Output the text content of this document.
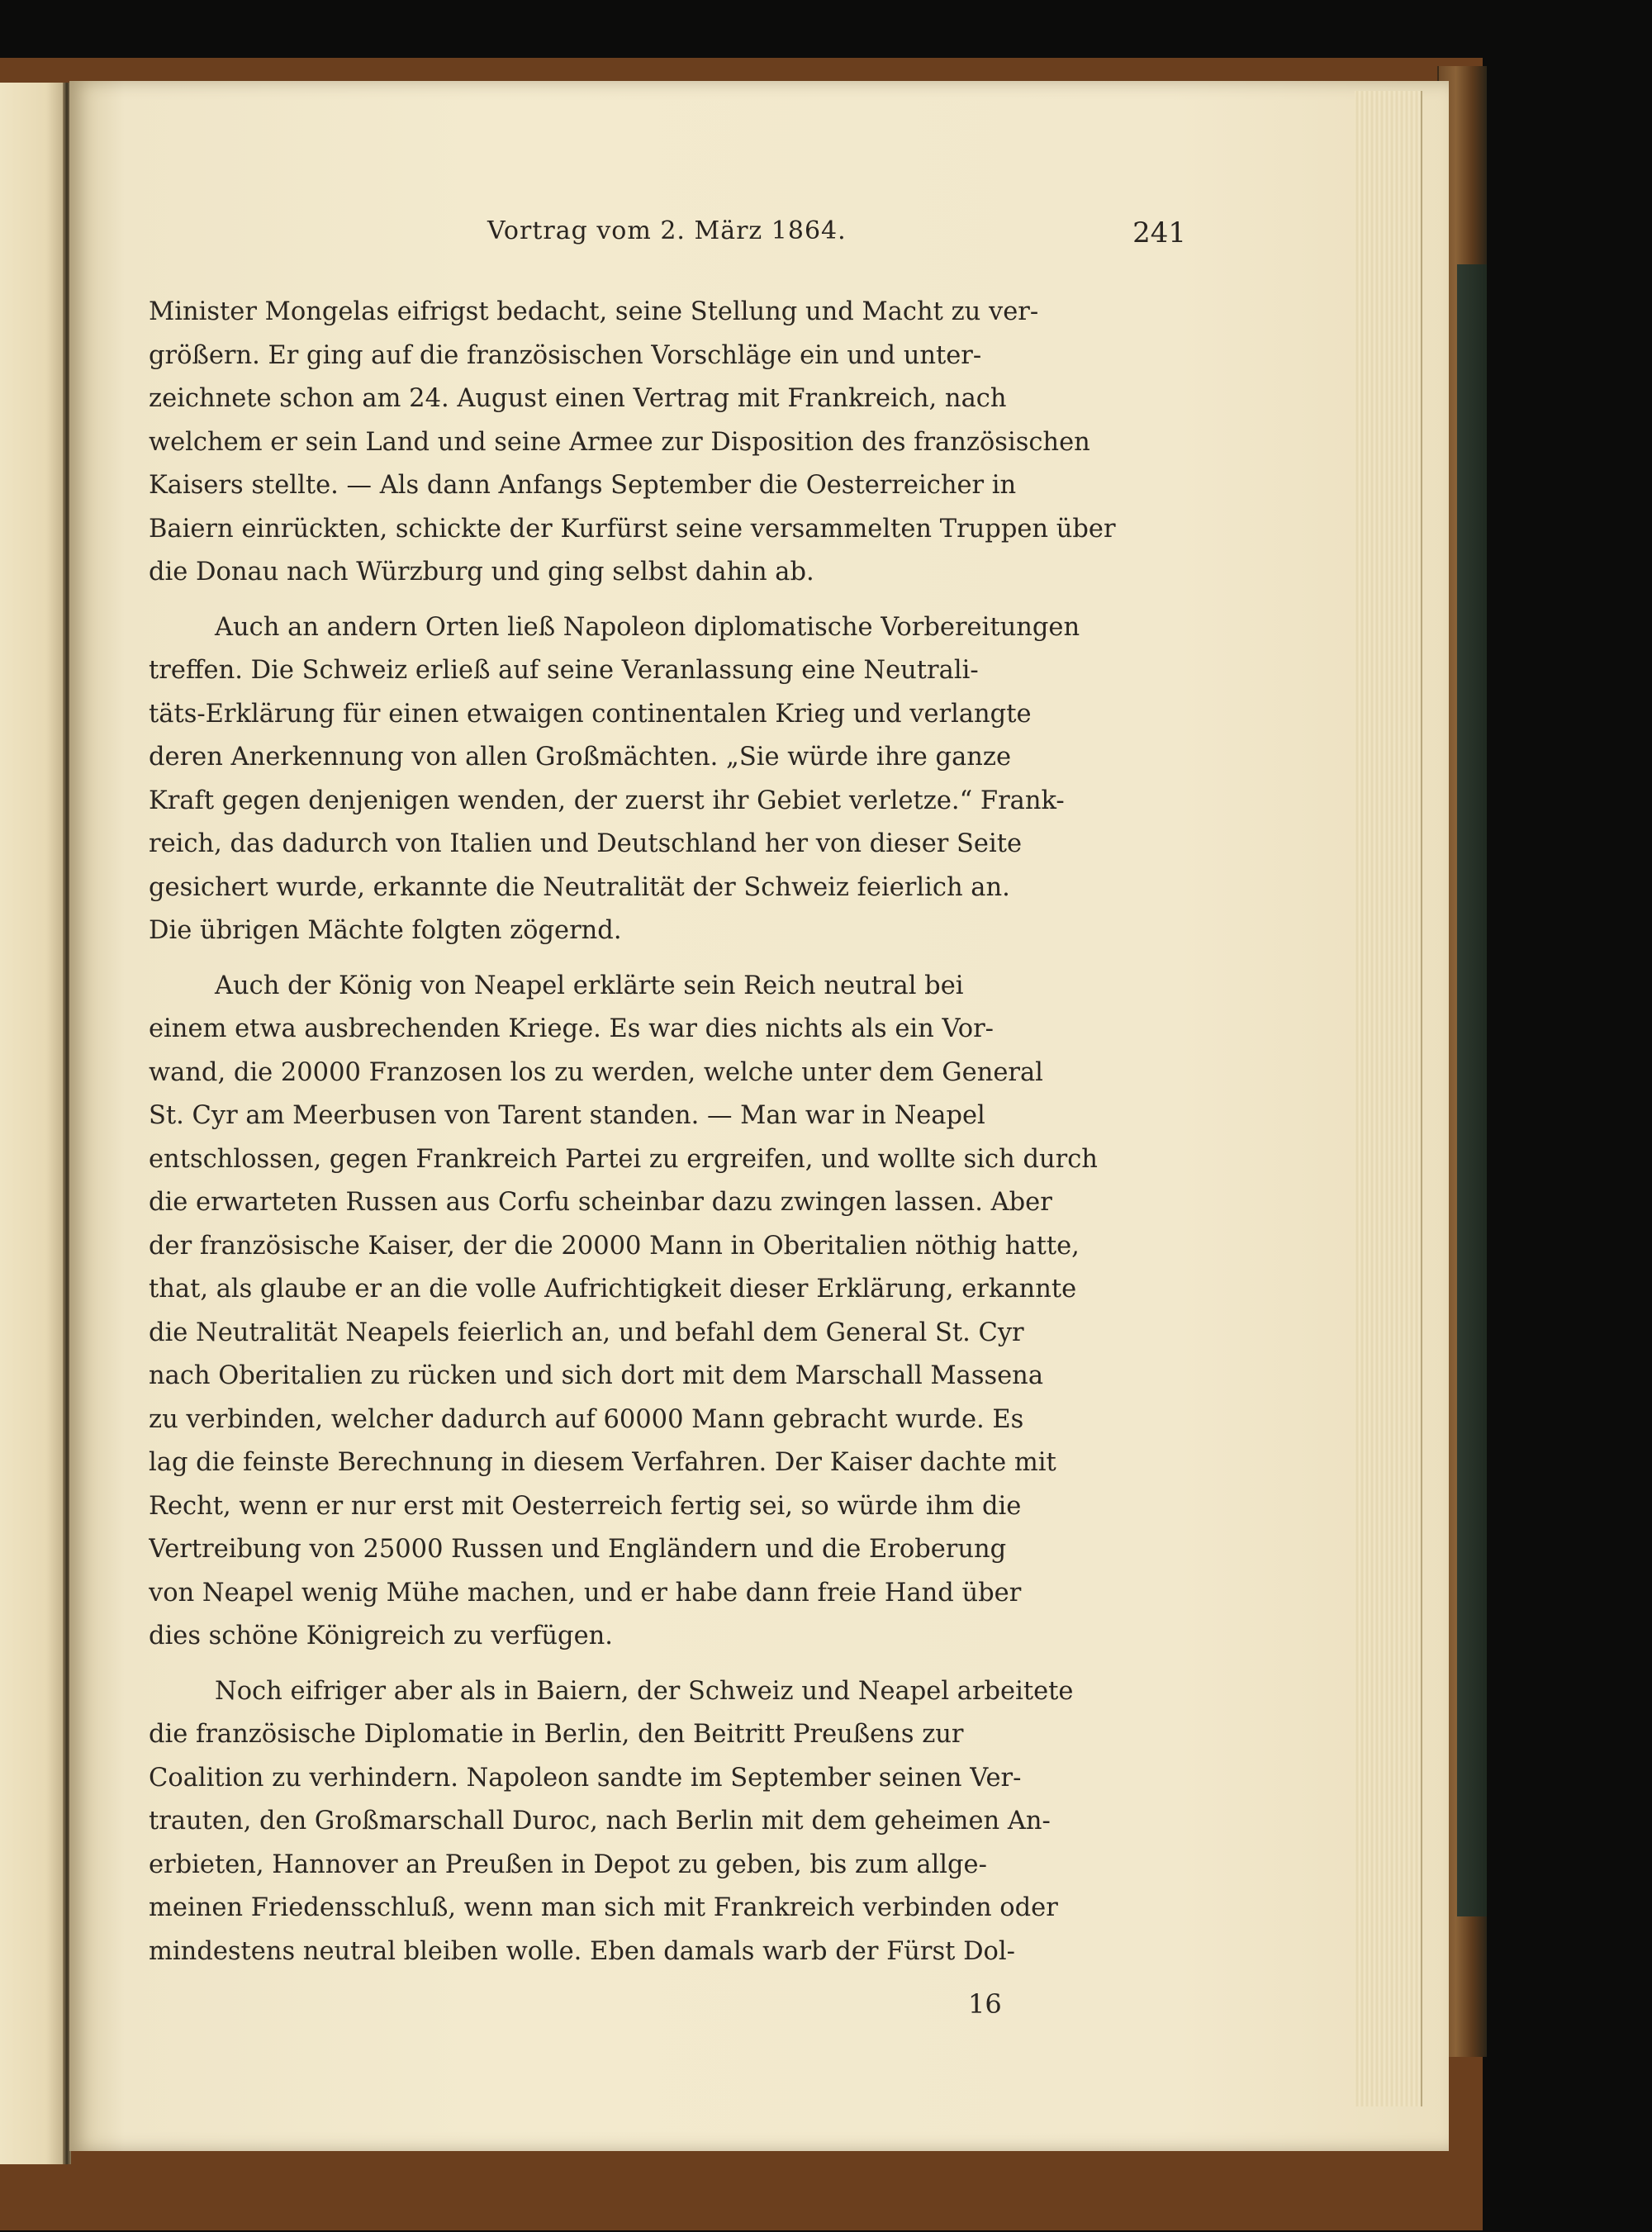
Vortrag vom 2. März 1864.	241
Minister Mongelas eifrigst bedacht, seine Stellung und Macht zu ver-
größern. Er ging auf die französischen Vorschläge ein und unter-
zeichnete schon am 24. August einen Vertrag mit Frankreich, nach
welchem er sein Land und seine Armee zur Disposition des französischen
Kaisers stellte. — Als dann Anfangs September die Oesterreicher in
Baiern einrückten, schickte der Kurfürst seine versammelten Truppen über
die Donau nach Würzburg und ging selbst dahin ab.
Auch an andern Orten ließ Napoleon diplomatische Vorbereitungen
treffen. Die Schweiz erließ auf seine Veranlassung eine Neutrali-
täts-Erklärung für einen etwaigen continentalen Krieg und verlangte
deren Anerkennung von allen Großmächten. „Sie würde ihre ganze
Kraft gegen denjenigen wenden, der zuerst ihr Gebiet verletze.“ Frank-
reich, das dadurch von Italien und Deutschland her von dieser Seite
gesichert wurde, erkannte die Neutralität der Schweiz feierlich an.
Die übrigen Mächte folgten zögernd.
Auch der König von Neapel erklärte sein Reich neutral bei
einem etwa ausbrechenden Kriege. Es war dies nichts als ein Vor-
wand, die 20000 Franzosen los zu werden, welche unter dem General
St. Cyr am Meerbusen von Tarent standen. — Man war in Neapel
entschlossen, gegen Frankreich Partei zu ergreifen, und wollte sich durch
die erwarteten Russen aus Corfu scheinbar dazu zwingen lassen. Aber
der französische Kaiser, der die 20000 Mann in Oberitalien nöthig hatte,
that, als glaube er an die volle Aufrichtigkeit dieser Erklärung, erkannte
die Neutralität Neapels feierlich an, und befahl dem General St. Cyr
nach Oberitalien zu rücken und sich dort mit dem Marschall Massena
zu verbinden, welcher dadurch auf 60000 Mann gebracht wurde. Es
lag die feinste Berechnung in diesem Verfahren. Der Kaiser dachte mit
Recht, wenn er nur erst mit Oesterreich fertig sei, so würde ihm die
Vertreibung von 25000 Russen und Engländern und die Eroberung
von Neapel wenig Mühe machen, und er habe dann freie Hand über
dies schöne Königreich zu verfügen.
Noch eifriger aber als in Baiern, der Schweiz und Neapel arbeitete
die französische Diplomatie in Berlin, den Beitritt Preußens zur
Coalition zu verhindern. Napoleon sandte im September seinen Ver-
trauten, den Großmarschall Duroc, nach Berlin mit dem geheimen An-
erbieten, Hannover an Preußen in Depot zu geben, bis zum allge-
meinen Friedensschluß, wenn man sich mit Frankreich verbinden oder
mindestens neutral bleiben wolle. Eben damals warb der Fürst Dol-
16
